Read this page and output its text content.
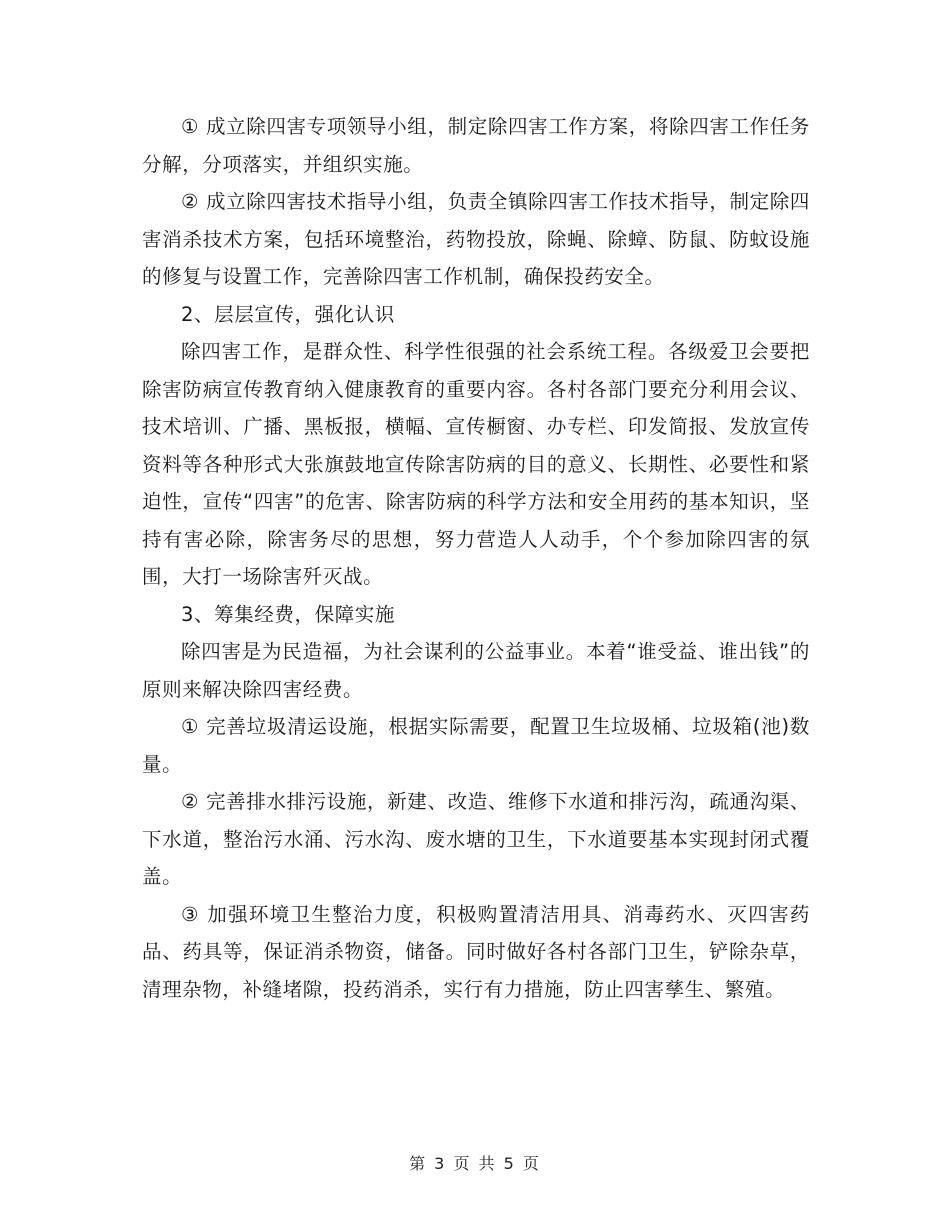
① 成立除四害专项领导小组，制定除四害工作方案，将除四害工作任务分解，分项落实，并组织实施。

② 成立除四害技术指导小组，负责全镇除四害工作技术指导，制定除四害消杀技术方案，包括环境整治，药物投放，除蝇、除蟑、防鼠、防蚊设施的修复与设置工作，完善除四害工作机制，确保投药安全。

2、层层宣传，强化认识

除四害工作，是群众性、科学性很强的社会系统工程。各级爱卫会要把除害防病宣传教育纳入健康教育的重要内容。各村各部门要充分利用会议、技术培训、广播、黑板报，横幅、宣传橱窗、办专栏、印发简报、发放宣传资料等各种形式大张旗鼓地宣传除害防病的目的意义、长期性、必要性和紧迫性，宣传“四害”的危害、除害防病的科学方法和安全用药的基本知识，坚持有害必除，除害务尽的思想，努力营造人人动手，个个参加除四害的氛围，大打一场除害歼灭战。

3、筹集经费，保障实施

除四害是为民造福，为社会谋利的公益事业。本着“谁受益、谁出钱”的原则来解决除四害经费。

① 完善垃圾清运设施，根据实际需要，配置卫生垃圾桶、垃圾箱(池)数量。

② 完善排水排污设施，新建、改造、维修下水道和排污沟，疏通沟渠、下水道，整治污水涌、污水沟、废水塘的卫生，下水道要基本实现封闭式覆盖。

③ 加强环境卫生整治力度，积极购置清洁用具、消毒药水、灭四害药品、药具等，保证消杀物资，储备。同时做好各村各部门卫生，铲除杂草，清理杂物，补缝堵隙，投药消杀，实行有力措施，防止四害孳生、繁殖。

第 3 页 共 5 页
